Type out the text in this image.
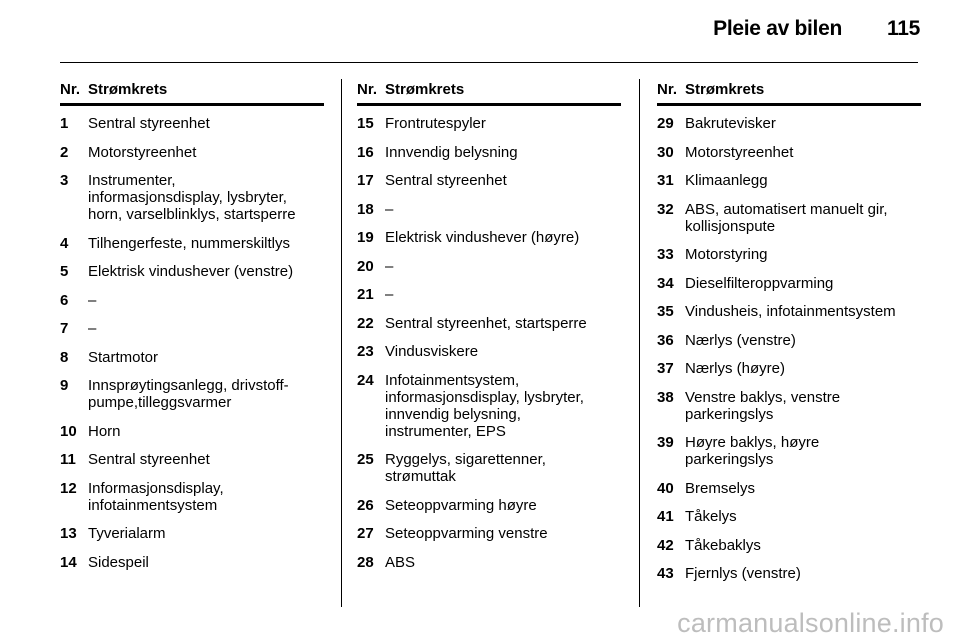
Pleie av bilen 115
Nr. Strømkrets
1	Sentral styreenhet
2	Motorstyreenhet
3	Instrumenter,
informasjonsdisplay, lysbryter,
horn, varselblinklys, startsperre
4	Tilhengerfeste, nummerskiltlys
5	Elektrisk vindushever (venstre)
6	–
7	–
8	Startmotor
9	Innsprøytingsanlegg, drivstoff-
pumpe,tilleggsvarmer
10 Horn
11 Sentral styreenhet
12 Informasjonsdisplay,
infotainmentsystem
13 Tyverialarm
14 Sidespeil
Nr. Strømkrets
15 Frontrutespyler
16 Innvendig belysning
17 Sentral styreenhet
18 –
19 Elektrisk vindushever (høyre)
20 –
21 –
22 Sentral styreenhet, startsperre
23 Vindusviskere
24 Infotainmentsystem,
informasjonsdisplay, lysbryter,
innvendig belysning,
instrumenter, EPS
25 Ryggelys, sigarettenner,
strømuttak
26 Seteoppvarming høyre
27 Seteoppvarming venstre
28 ABS
Nr. Strømkrets
29 Bakrutevisker
30 Motorstyreenhet
31 Klimaanlegg
32 ABS, automatisert manuelt gir,
kollisjonspute
33 Motorstyring
34 Dieselfilteroppvarming
35 Vindusheis, infotainmentsystem
36 Nærlys (venstre)
37 Nærlys (høyre)
38 Venstre baklys, venstre
parkeringslys
39 Høyre baklys, høyre
parkeringslys
40 Bremselys
41 Tåkelys
42 Tåkebaklys
43 Fjernlys (venstre)
carmanualsonline.info
